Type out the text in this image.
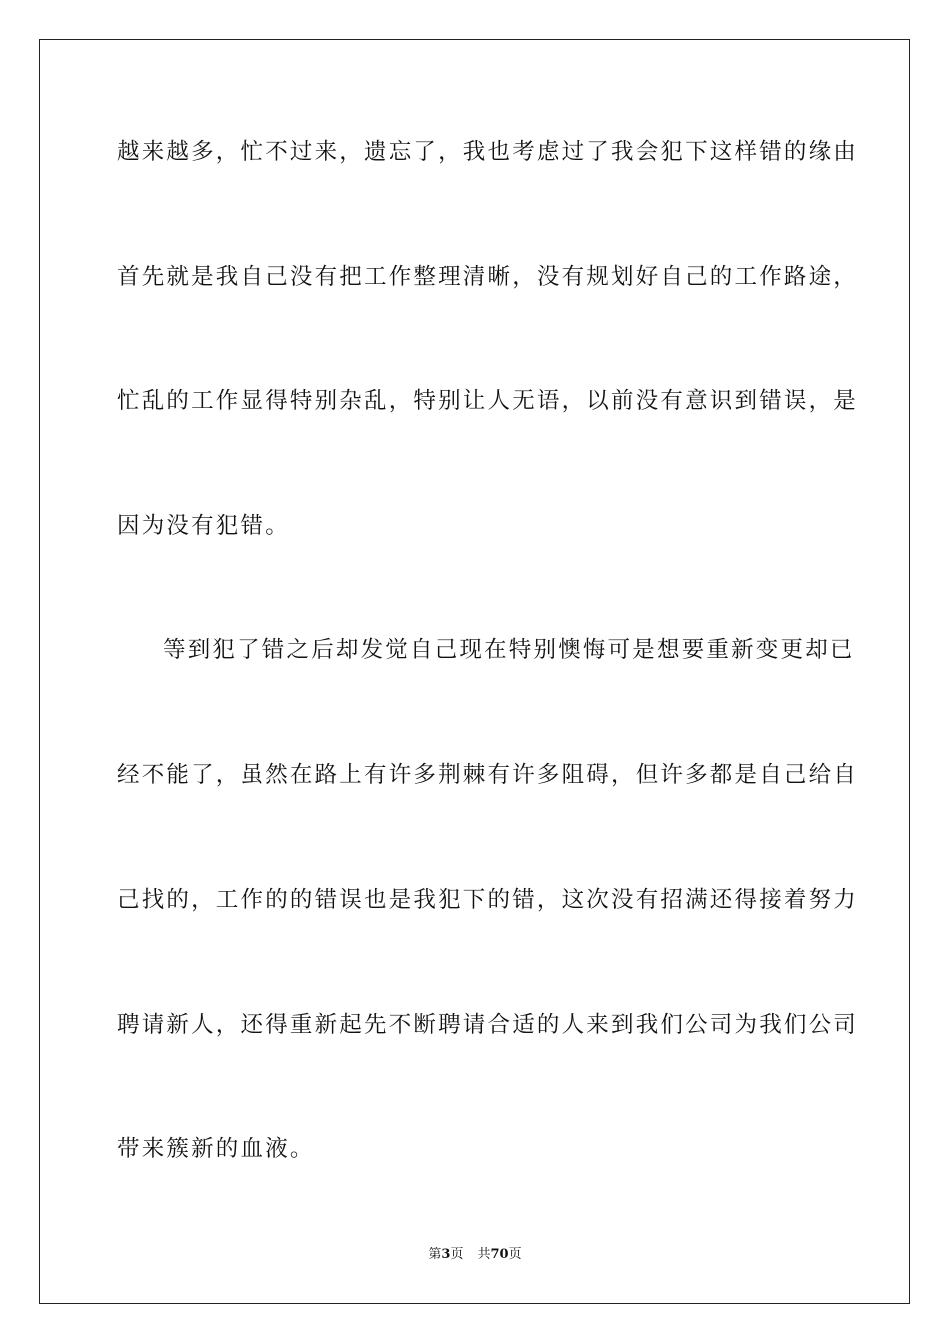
越来越多，忙不过来，遗忘了，我也考虑过了我会犯下这样错的缘由
首先就是我自己没有把工作整理清晰，没有规划好自己的工作路途，
忙乱的工作显得特别杂乱，特别让人无语，以前没有意识到错误，是
因为没有犯错。
等到犯了错之后却发觉自己现在特别懊悔可是想要重新变更却已
经不能了，虽然在路上有许多荆棘有许多阻碍，但许多都是自己给自
己找的，工作的的错误也是我犯下的错，这次没有招满还得接着努力
聘请新人，还得重新起先不断聘请合适的人来到我们公司为我们公司
带来簇新的血液。
第3页 共70页
